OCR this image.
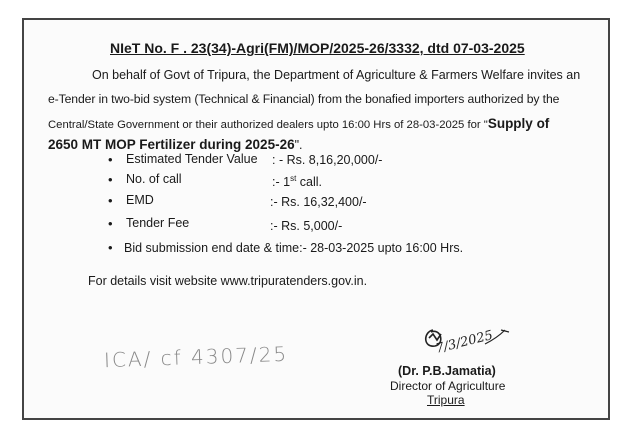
NIeT No. F . 23(34)-Agri(FM)/MOP/2025-26/3332, dtd 07-03-2025
On behalf of Govt of Tripura, the Department of Agriculture & Farmers Welfare invites an
e-Tender in two-bid system (Technical & Financial) from the bonafied importers authorized by the
Central/State Government or their authorized dealers upto 16:00 Hrs of 28-03-2025 for "Supply of
2650 MT MOP Fertilizer during 2025-26".
• Estimated Tender Value : - Rs. 8,16,20,000/-
• No. of call	:- 1st call.
• EMD	:- Rs. 16,32,400/-
• Tender Fee	:- Rs. 5,000/-
• Bid submission end date & time:- 28-03-2025 upto 16:00 Hrs.
For details visit website www.tripuratenders.gov.in.
ICA/ cf 4307/25	7/3/2025
(Dr. P.B.Jamatia)
Director of Agriculture
Tripura
